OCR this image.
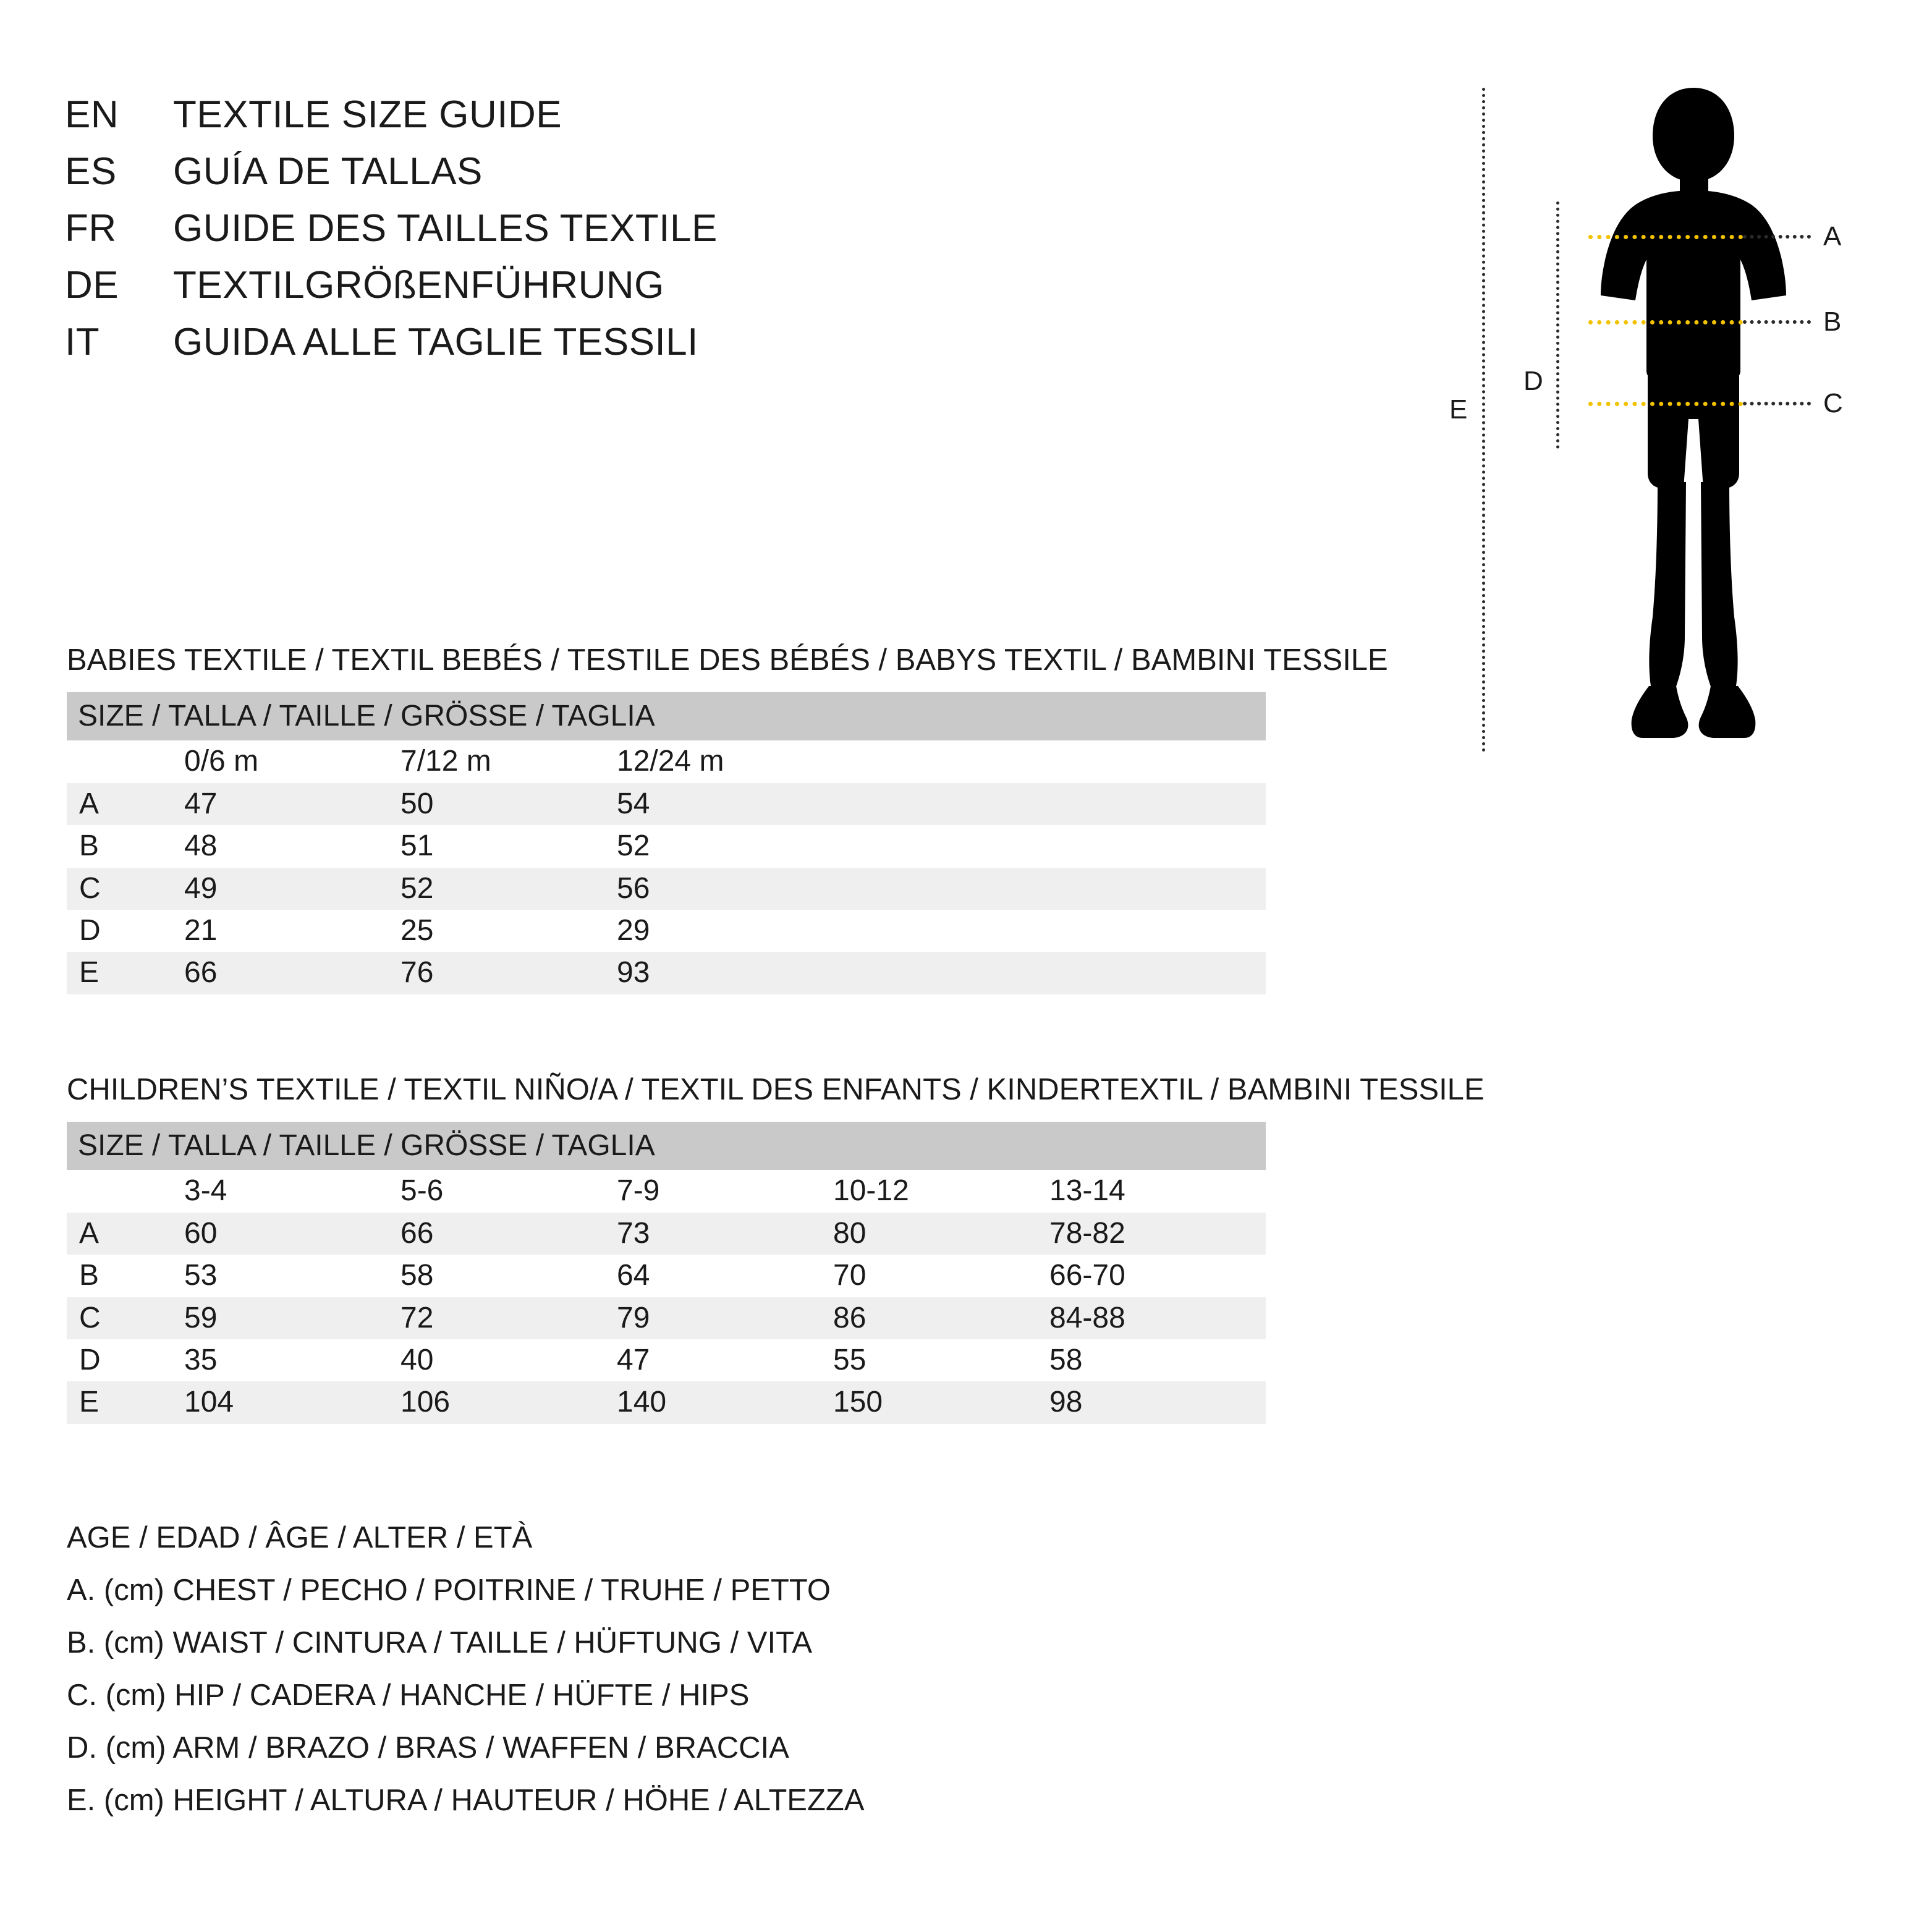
EN	TEXTILE SIZE GUIDE
ES	GUÍA DE TALLAS
FR	GUIDE DES TAILLES TEXTILE
DE	TEXTILGRÖßENFÜHRUNG
IT	GUIDA ALLE TAGLIE TESSILI
E
D
A
B
C
BABIES TEXTILE / TEXTIL BEBÉS / TESTILE DES BÉBÉS / BABYS TEXTIL / BAMBINI TESSILE
SIZE / TALLA / TAILLE / GRÖSSE / TAGLIA					
	0/6 m	7/12 m	12/24 m		
A	47	50	54		
B	48	51	52		
C	49	52	56		
D	21	25	29		
E	66	76	93		
CHILDREN’S TEXTILE / TEXTIL NIÑO/A / TEXTIL DES ENFANTS / KINDERTEXTIL / BAMBINI TESSILE
SIZE / TALLA / TAILLE / GRÖSSE / TAGLIA					
	3-4	5-6	7-9	10-12	13-14
A	60	66	73	80	78-82
B	53	58	64	70	66-70
C	59	72	79	86	84-88
D	35	40	47	55	58
E	104	106	140	150	98
AGE / EDAD / ÂGE / ALTER / ETÀ
A. (cm) CHEST / PECHO / POITRINE / TRUHE / PETTO
B. (cm) WAIST / CINTURA / TAILLE / HÜFTUNG / VITA
C. (cm) HIP / CADERA / HANCHE / HÜFTE / HIPS
D. (cm) ARM / BRAZO / BRAS / WAFFEN / BRACCIA
E. (cm) HEIGHT / ALTURA / HAUTEUR / HÖHE / ALTEZZA
